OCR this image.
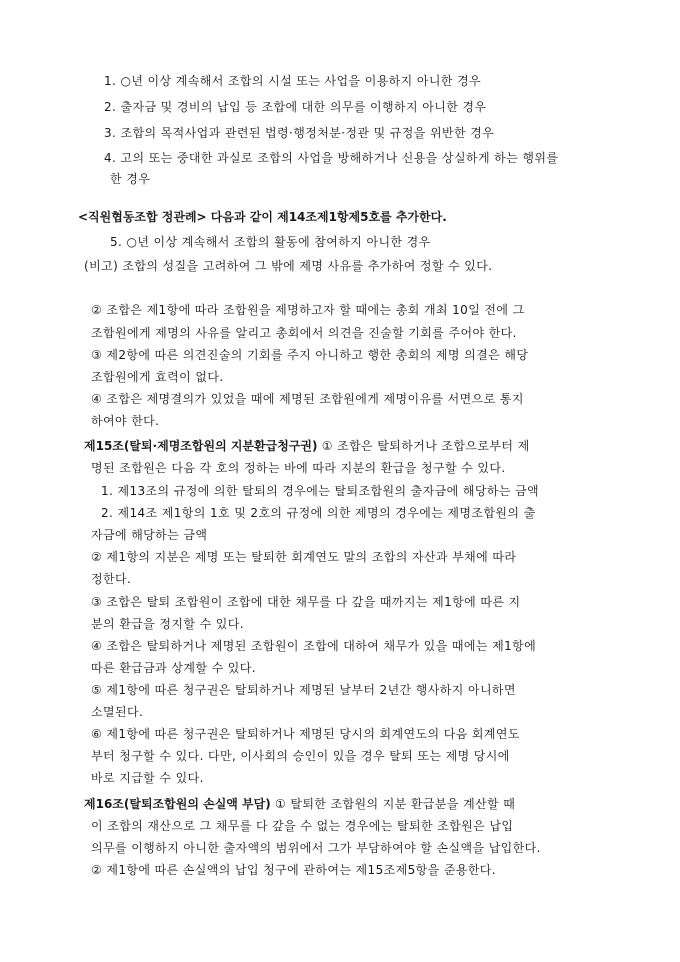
1. ○년 이상 계속해서 조합의 시설 또는 사업을 이용하지 아니한 경우
2. 출자금 및 경비의 납입 등 조합에 대한 의무를 이행하지 아니한 경우
3. 조합의 목적사업과 관련된 법령·행정처분·정관 및 규정을 위반한 경우
4. 고의 또는 중대한 과실로 조합의 사업을 방해하거나 신용을 상실하게 하는 행위를
한 경우
<직원협동조합 정관례> 다음과 같이 제14조제1항제5호를 추가한다.
5. ○년 이상 계속해서 조합의 활동에 참여하지 아니한 경우
(비고) 조합의 성질을 고려하여 그 밖에 제명 사유를 추가하여 정할 수 있다.
② 조합은 제1항에 따라 조합원을 제명하고자 할 때에는 총회 개최 10일 전에 그
조합원에게 제명의 사유를 알리고 총회에서 의견을 진술할 기회를 주어야 한다.
③ 제2항에 따른 의견진술의 기회를 주지 아니하고 행한 총회의 제명 의결은 해당
조합원에게 효력이 없다.
④ 조합은 제명결의가 있었을 때에 제명된 조합원에게 제명이유를 서면으로 통지
하여야 한다.
제15조(탈퇴·제명조합원의 지분환급청구권) ① 조합은 탈퇴하거나 조합으로부터 제
명된 조합원은 다음 각 호의 정하는 바에 따라 지분의 환급을 청구할 수 있다.
1. 제13조의 규정에 의한 탈퇴의 경우에는 탈퇴조합원의 출자금에 해당하는 금액
2. 제14조 제1항의 1호 및 2호의 규정에 의한 제명의 경우에는 제명조합원의 출
자금에 해당하는 금액
② 제1항의 지분은 제명 또는 탈퇴한 회계연도 말의 조합의 자산과 부채에 따라
정한다.
③ 조합은 탈퇴 조합원이 조합에 대한 채무를 다 갚을 때까지는 제1항에 따른 지
분의 환급을 정지할 수 있다.
④ 조합은 탈퇴하거나 제명된 조합원이 조합에 대하여 채무가 있을 때에는 제1항에
따른 환급금과 상계할 수 있다.
⑤ 제1항에 따른 청구권은 탈퇴하거나 제명된 날부터 2년간 행사하지 아니하면
소멸된다.
⑥ 제1항에 따른 청구권은 탈퇴하거나 제명된 당시의 회계연도의 다음 회계연도
부터 청구할 수 있다. 다만, 이사회의 승인이 있을 경우 탈퇴 또는 제명 당시에
바로 지급할 수 있다.
제16조(탈퇴조합원의 손실액 부담) ① 탈퇴한 조합원의 지분 환급분을 계산할 때
이 조합의 재산으로 그 채무를 다 갚을 수 없는 경우에는 탈퇴한 조합원은 납입
의무를 이행하지 아니한 출자액의 범위에서 그가 부담하여야 할 손실액을 납입한다.
② 제1항에 따른 손실액의 납입 청구에 관하여는 제15조제5항을 준용한다.
